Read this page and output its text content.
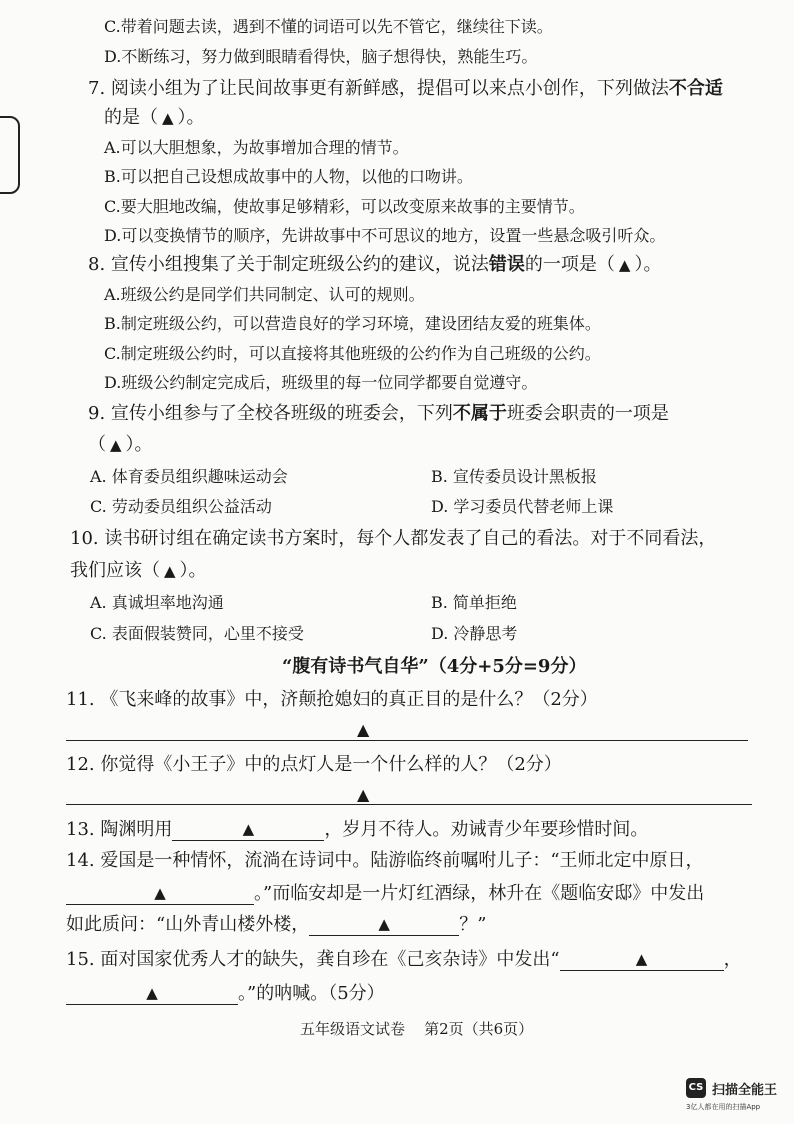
C.带着问题去读，遇到不懂的词语可以先不管它，继续往下读。
D.不断练习，努力做到眼睛看得快，脑子想得快，熟能生巧。
7. 阅读小组为了让民间故事更有新鲜感，提倡可以来点小创作，下列做法不合适
的是（ ▲ ）。
A.可以大胆想象，为故事增加合理的情节。
B.可以把自己设想成故事中的人物，以他的口吻讲。
C.要大胆地改编，使故事足够精彩，可以改变原来故事的主要情节。
D.可以变换情节的顺序，先讲故事中不可思议的地方，设置一些悬念吸引听众。
8. 宣传小组搜集了关于制定班级公约的建议，说法错误的一项是（ ▲ ）。
A.班级公约是同学们共同制定、认可的规则。
B.制定班级公约，可以营造良好的学习环境，建设团结友爱的班集体。
C.制定班级公约时，可以直接将其他班级的公约作为自己班级的公约。
D.班级公约制定完成后，班级里的每一位同学都要自觉遵守。
9. 宣传小组参与了全校各班级的班委会，下列不属于班委会职责的一项是
（ ▲ ）。
A. 体育委员组织趣味运动会	B. 宣传委员设计黑板报
C. 劳动委员组织公益活动	D. 学习委员代替老师上课
10. 读书研讨组在确定读书方案时，每个人都发表了自己的看法。对于不同看法，
我们应该（ ▲ ）。
A. 真诚坦率地沟通	B. 简单拒绝
C. 表面假装赞同，心里不接受	D. 冷静思考
“腹有诗书气自华”（4分+5分=9分）
11. 《飞来峰的故事》中，济颠抢媳妇的真正目的是什么？（2分）
▲
12. 你觉得《小王子》中的点灯人是一个什么样的人？（2分）
▲
13. 陶渊明用	▲	，岁月不待人。劝诫青少年要珍惜时间。
14. 爱国是一种情怀，流淌在诗词中。陆游临终前嘱咐儿子：“王师北定中原日，
▲	。”而临安却是一片灯红酒绿，林升在《题临安邸》中发出
如此质问：“山外青山楼外楼，	▲	？”
15. 面对国家优秀人才的缺失，龚自珍在《己亥杂诗》中发出“	▲	，
▲	。”的呐喊。（5分）
五年级语文试卷    第2页（共6页）
CS 扫描全能王
3亿人都在用的扫描App
